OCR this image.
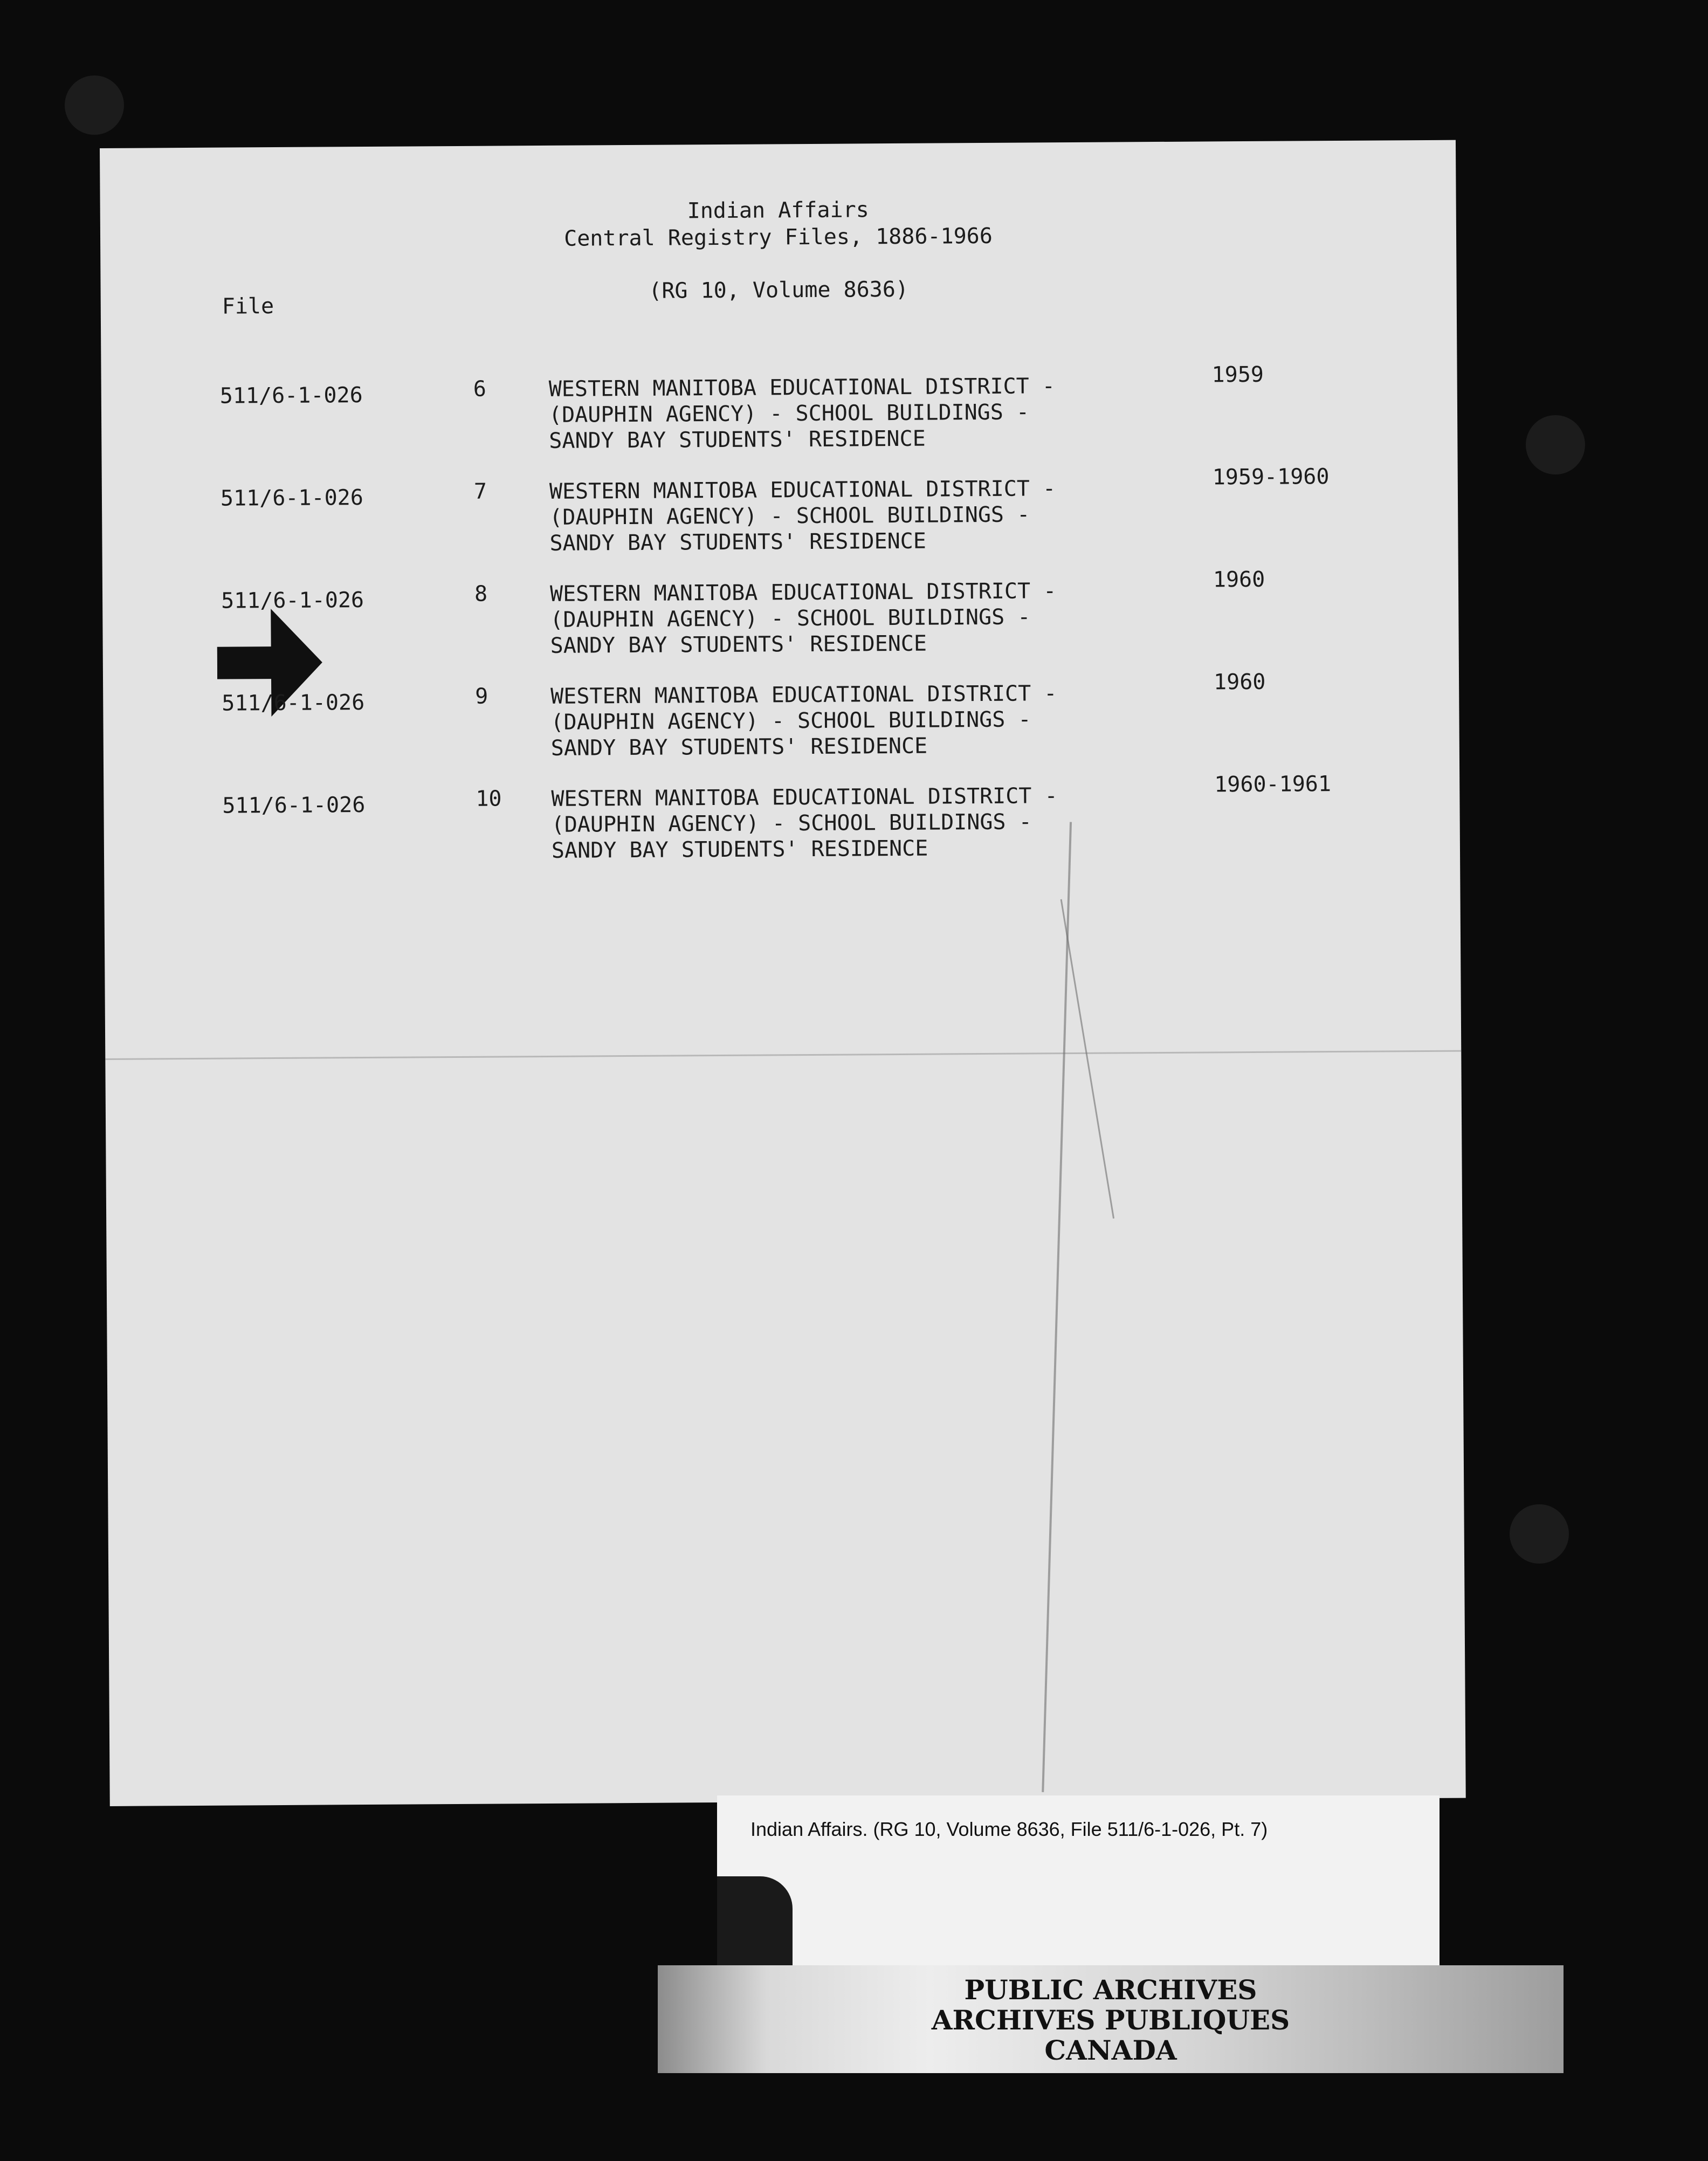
Indian Affairs
Central Registry Files, 1886-1966
(RG 10, Volume 8636)
File
511/6-1-026	6	WESTERN MANITOBA EDUCATIONAL DISTRICT -
(DAUPHIN AGENCY) - SCHOOL BUILDINGS -
SANDY BAY STUDENTS' RESIDENCE
1959
511/6-1-026	7	WESTERN MANITOBA EDUCATIONAL DISTRICT -
(DAUPHIN AGENCY) - SCHOOL BUILDINGS -
SANDY BAY STUDENTS' RESIDENCE
1959-1960
511/6-1-026	8	WESTERN MANITOBA EDUCATIONAL DISTRICT -
(DAUPHIN AGENCY) - SCHOOL BUILDINGS -
SANDY BAY STUDENTS' RESIDENCE
1960
511/6-1-026	9	WESTERN MANITOBA EDUCATIONAL DISTRICT -
(DAUPHIN AGENCY) - SCHOOL BUILDINGS -
SANDY BAY STUDENTS' RESIDENCE
1960
511/6-1-026	10 WESTERN MANITOBA EDUCATIONAL DISTRICT -
(DAUPHIN AGENCY) - SCHOOL BUILDINGS -
SANDY BAY STUDENTS' RESIDENCE
1960-1961
Indian Affairs. (RG 10, Volume 8636, File 511/6-1-026, Pt. 7)
PUBLIC ARCHIVES
ARCHIVES PUBLIQUES
CANADA
